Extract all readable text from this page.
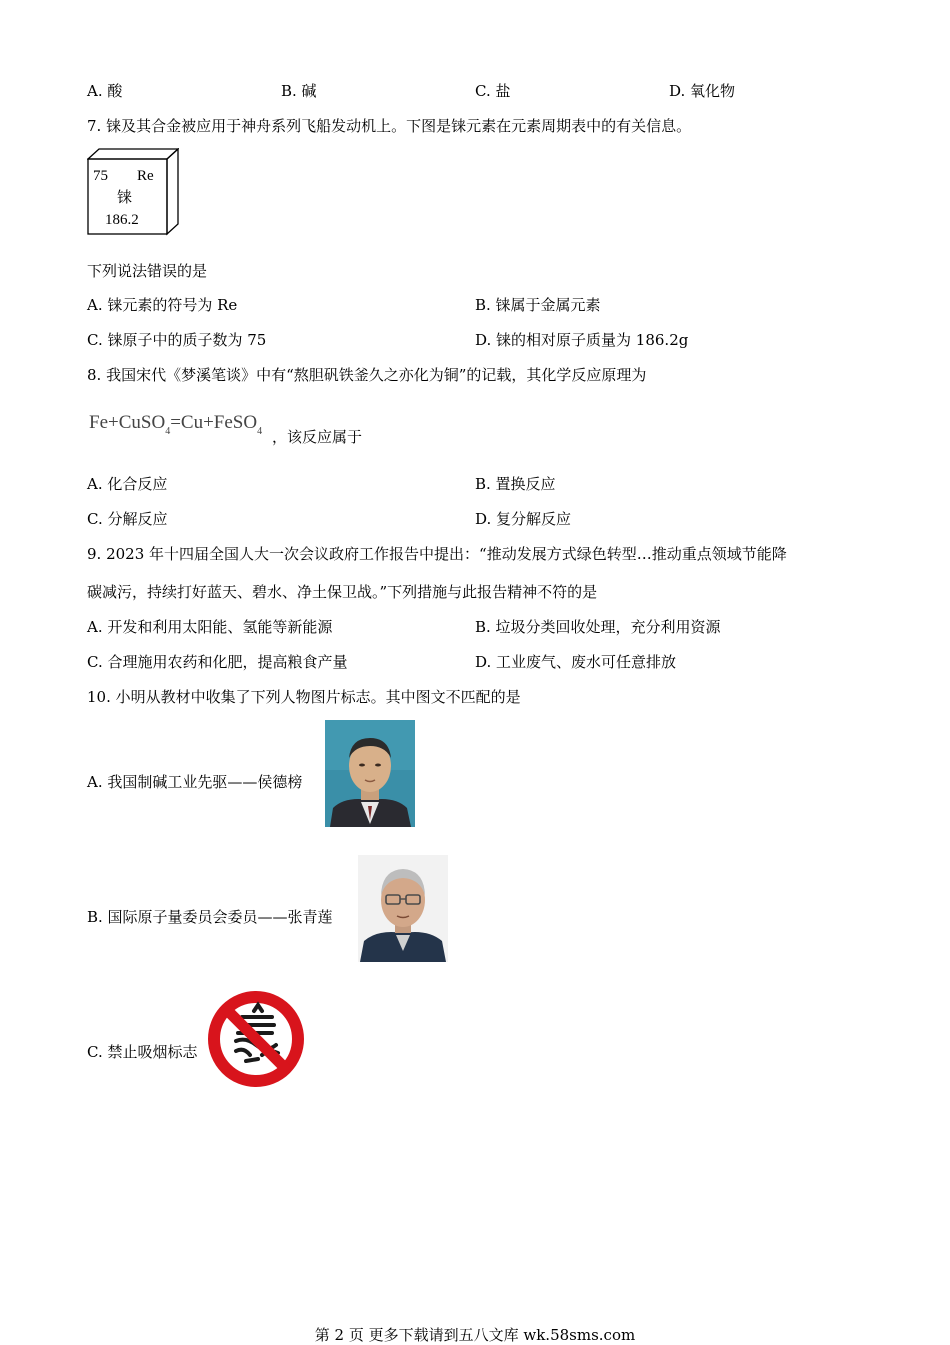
A. 酸	B. 碱	C. 盐	D. 氧化物
7. 铼及其合金被应用于神舟系列飞船发动机上。下图是铼元素在元素周期表中的有关信息。
75 Re
铼
186.2
下列说法错误的是
A. 铼元素的符号为 Re	B. 铼属于金属元素
C. 铼原子中的质子数为 75	D. 铼的相对原子质量为 186.2g
8. 我国宋代《梦溪笔谈》中有“熬胆矾铁釜久之亦化为铜”的记载，其化学反应原理为
Fe+CuSO$_4$=Cu+FeSO$_4$ ，该反应属于
A. 化合反应	B. 置换反应
C. 分解反应	D. 复分解反应
9. 2023 年十四届全国人大一次会议政府工作报告中提出：“推动发展方式绿色转型…推动重点领域节能降
碳减污，持续打好蓝天、碧水、净土保卫战。”下列措施与此报告精神不符的是
A. 开发和利用太阳能、氢能等新能源	B. 垃圾分类回收处理，充分利用资源
C. 合理施用农药和化肥，提高粮食产量	D. 工业废气、废水可任意排放
10. 小明从教材中收集了下列人物图片标志。其中图文不匹配的是
A. 我国制碱工业先驱——侯德榜
B. 国际原子量委员会委员——张青莲
C. 禁止吸烟标志
第 2 页 更多下载请到五八文库 wk.58sms.com
